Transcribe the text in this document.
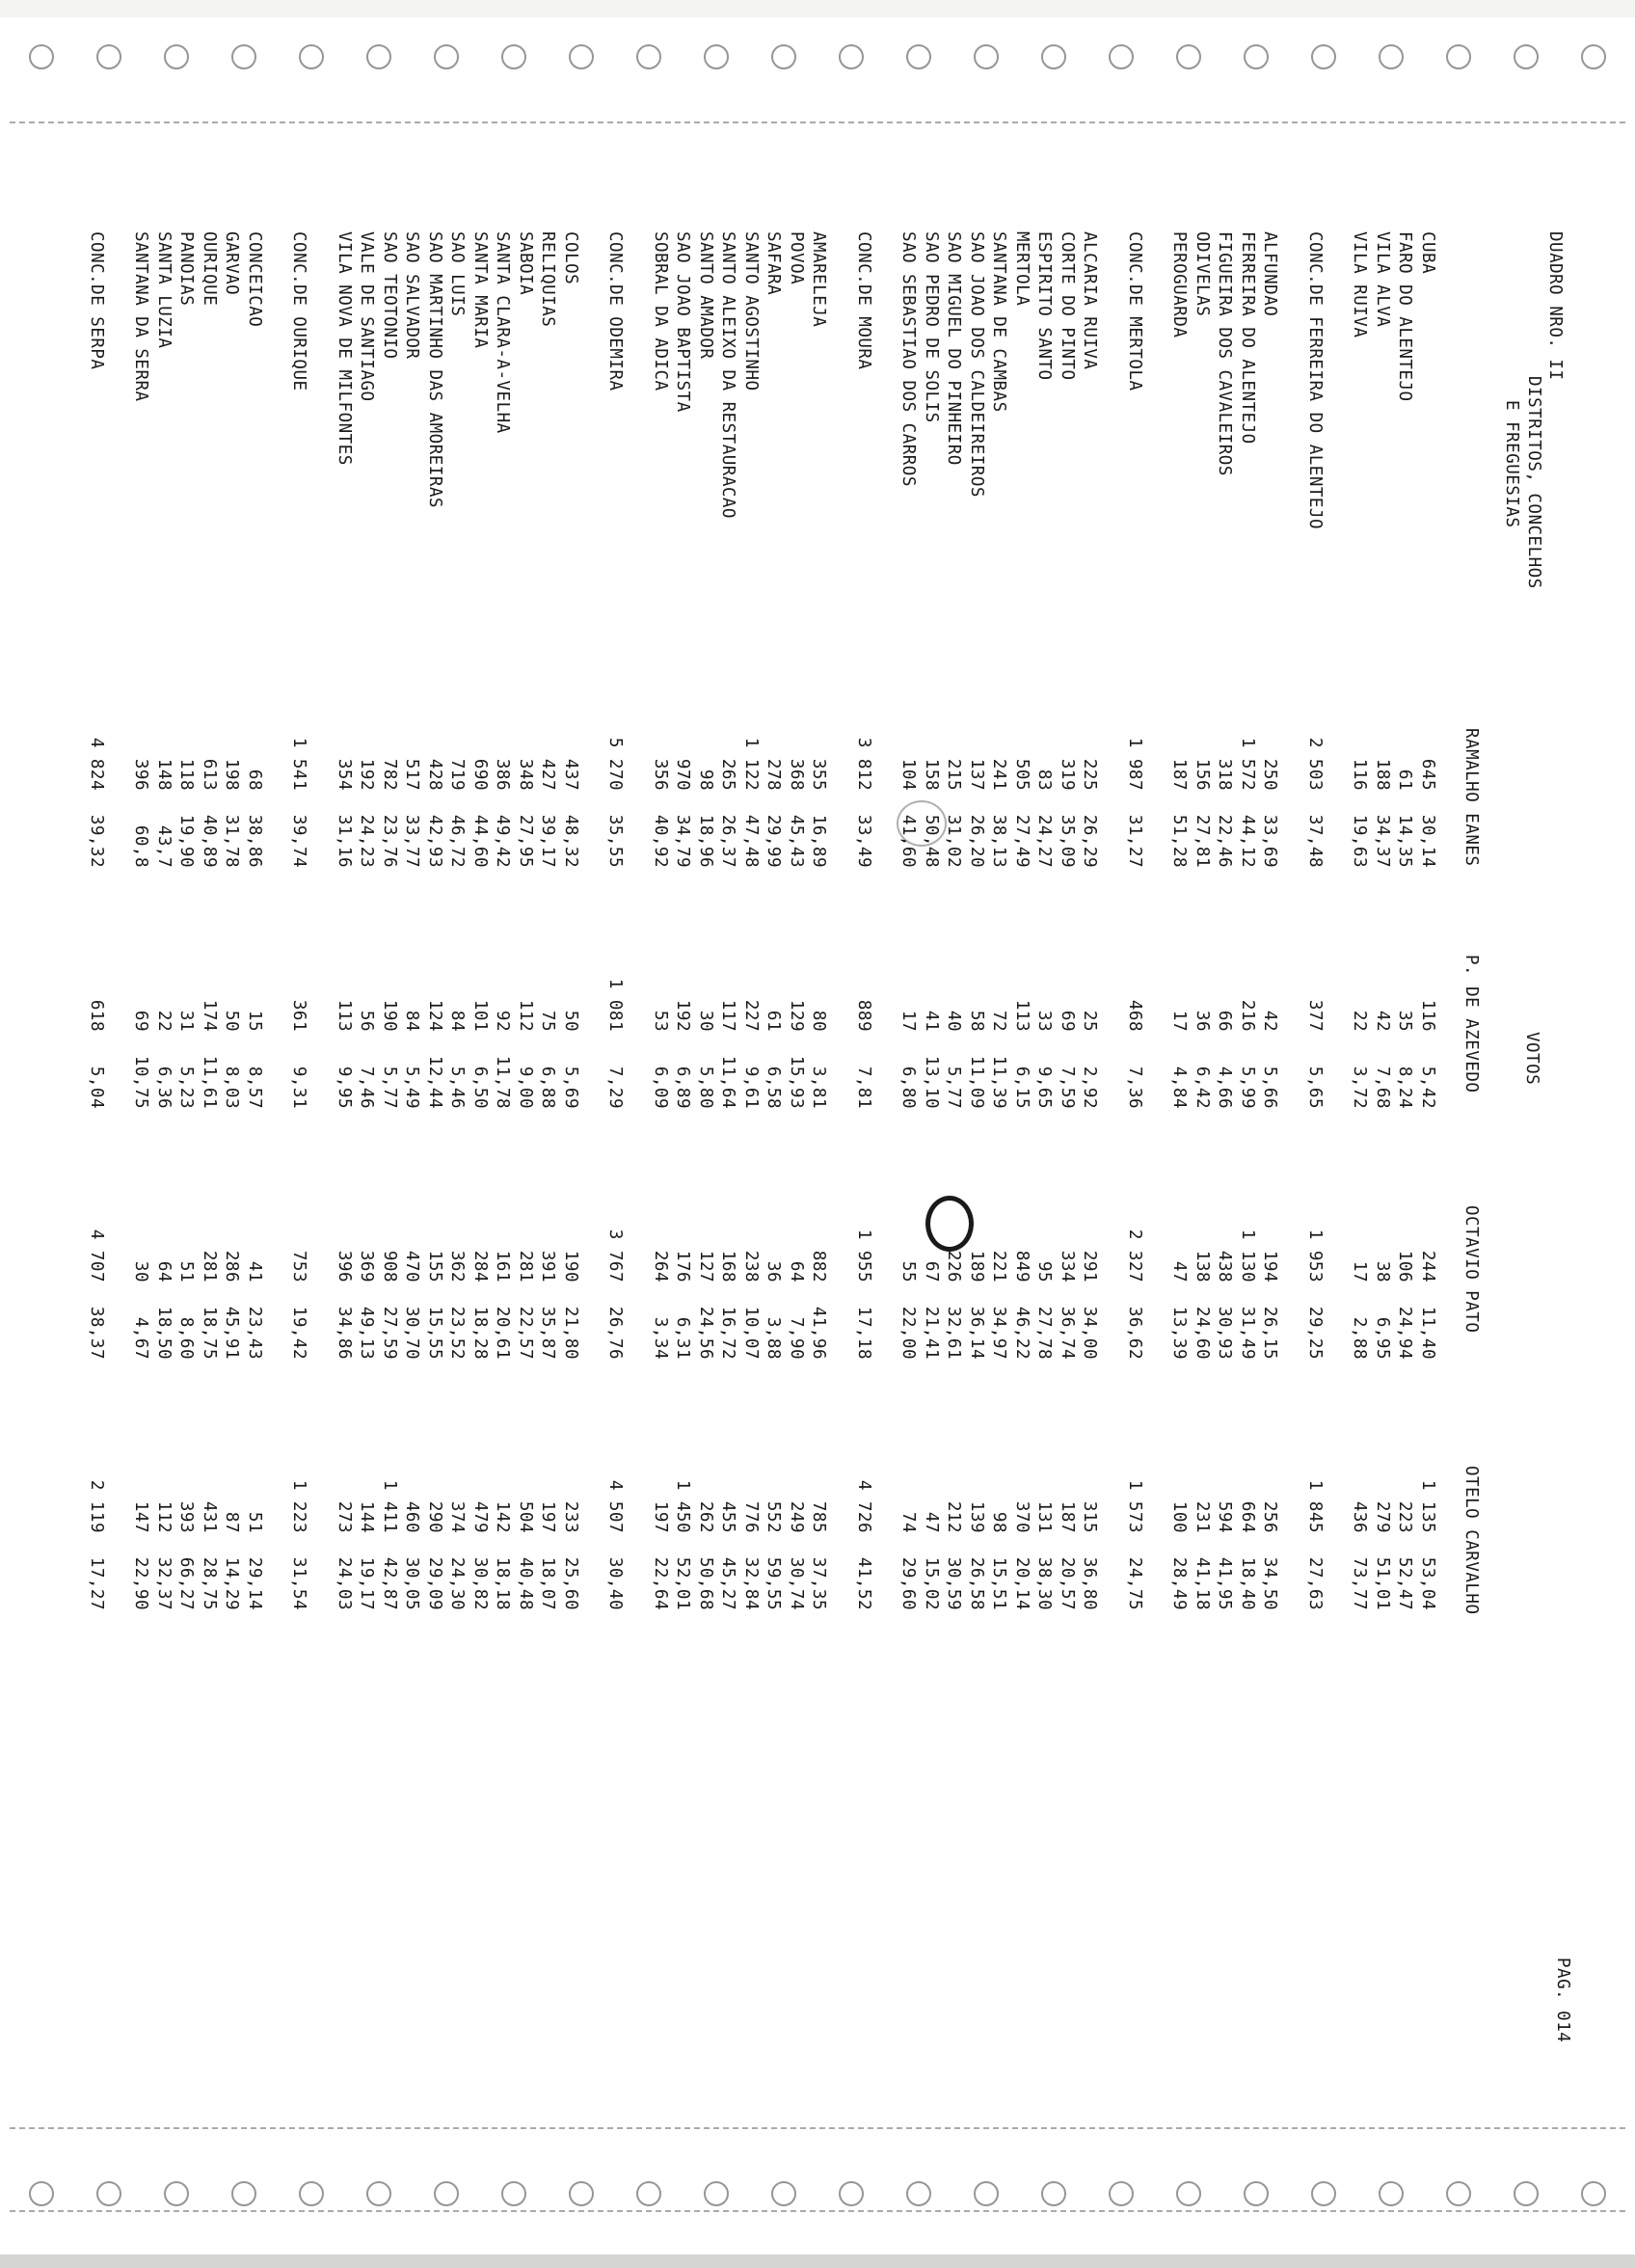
DUADRO NRO. II
PAG. 014
DISTRITOS, CONCELHOS
E FREGUESIAS
VOTOS
RAMALHO EANES
P. DE AZEVEDO
OCTAVIO PATO
OTELO CARVALHO
CUBA
645
30,14
116
5,42
244
11,40
1 135
53,04
FARO DO ALENTEJO
61
14,35
35
8,24
106
24,94
223
52,47
VILA ALVA
188
34,37
42
7,68
38
6,95
279
51,01
VILA RUIVA
116
19,63
22
3,72
17
2,88
436
73,77
CONC.DE FERREIRA DO ALENTEJO
2 503
37,48
377
5,65
1 953
29,25
1 845
27,63
ALFUNDAO
250
33,69
42
5,66
194
26,15
256
34,50
FERREIRA DO ALENTEJO
1 572
44,12
216
5,99
1 130
31,49
664
18,40
FIGUEIRA DOS CAVALEIROS
318
22,46
66
4,66
438
30,93
594
41,95
ODIVELAS
156
27,81
36
6,42
138
24,60
231
41,18
PEROGUARDA
187
51,28
17
4,84
47
13,39
100
28,49
CONC.DE MERTOLA
1 987
31,27
468
7,36
2 327
36,62
1 573
24,75
ALCARIA RUIVA
225
26,29
25
2,92
291
34,00
315
36,80
CORTE DO PINTO
319
35,09
69
7,59
334
36,74
187
20,57
ESPIRITO SANTO
83
24,27
33
9,65
95
27,78
131
38,30
MERTOLA
505
27,49
113
6,15
849
46,22
370
20,14
SANTANA DE CAMBAS
241
38,13
72
11,39
221
34,97
98
15,51
SAO JOAO DOS CALDEIREIROS
137
26,20
58
11,09
189
36,14
139
26,58
SAO MIGUEL DO PINHEIRO
215
31,02
40
5,77
226
32,61
212
30,59
SAO PEDRO DE SOLIS
158
50,48
41
13,10
67
21,41
47
15,02
SAO SEBASTIAO DOS CARROS
104
41,60
17
6,80
55
22,00
74
29,60
CONC.DE MOURA
3 812
33,49
889
7,81
1 955
17,18
4 726
41,52
AMARELEJA
355
16,89
80
3,81
882
41,96
785
37,35
POVOA
368
45,43
129
15,93
64
7,90
249
30,74
SAFARA
278
29,99
61
6,58
36
3,88
552
59,55
SANTO AGOSTINHO
1 122
47,48
227
9,61
238
10,07
776
32,84
SANTO ALEIXO DA RESTAURACAO
265
26,37
117
11,64
168
16,72
455
45,27
SANTO AMADOR
98
18,96
30
5,80
127
24,56
262
50,68
SAO JOAO BAPTISTA
970
34,79
192
6,89
176
6,31
1 450
52,01
SOBRAL DA ADICA
356
40,92
53
6,09
264
3,34
197
22,64
CONC.DE ODEMIRA
5 270
35,55
1 081
7,29
3 767
26,76
4 507
30,40
COLOS
437
48,32
50
5,69
190
21,80
233
25,60
RELIQUIAS
427
39,17
75
6,88
391
35,87
197
18,07
SABOIA
348
27,95
112
9,00
281
22,57
504
40,48
SANTA CLARA-A-VELHA
386
49,42
92
11,78
161
20,61
142
18,18
SANTA MARIA
690
44,60
101
6,50
284
18,28
479
30,82
SAO LUIS
719
46,72
84
5,46
362
23,52
374
24,30
SAO MARTINHO DAS AMOREIRAS
428
42,93
124
12,44
155
15,55
290
29,09
SAO SALVADOR
517
33,77
84
5,49
470
30,70
460
30,05
SAO TEOTONIO
782
23,76
190
5,77
908
27,59
1 411
42,87
VALE DE SANTIAGO
192
24,23
56
7,46
369
49,13
144
19,17
VILA NOVA DE MILFONTES
354
31,16
113
9,95
396
34,86
273
24,03
CONC.DE OURIQUE
1 541
39,74
361
9,31
753
19,42
1 223
31,54
CONCEICAO
68
38,86
15
8,57
41
23,43
51
29,14
GARVAO
198
31,78
50
8,03
286
45,91
87
14,29
OURIQUE
613
40,89
174
11,61
281
18,75
431
28,75
PANOIAS
118
19,90
31
5,23
51
8,60
393
66,27
SANTA LUZIA
148
43,7
22
6,36
64
18,50
112
32,37
SANTANA DA SERRA
396
60,8
69
10,75
30
4,67
147
22,90
CONC.DE SERPA
4 824
39,32
618
5,04
4 707
38,37
2 119
17,27
